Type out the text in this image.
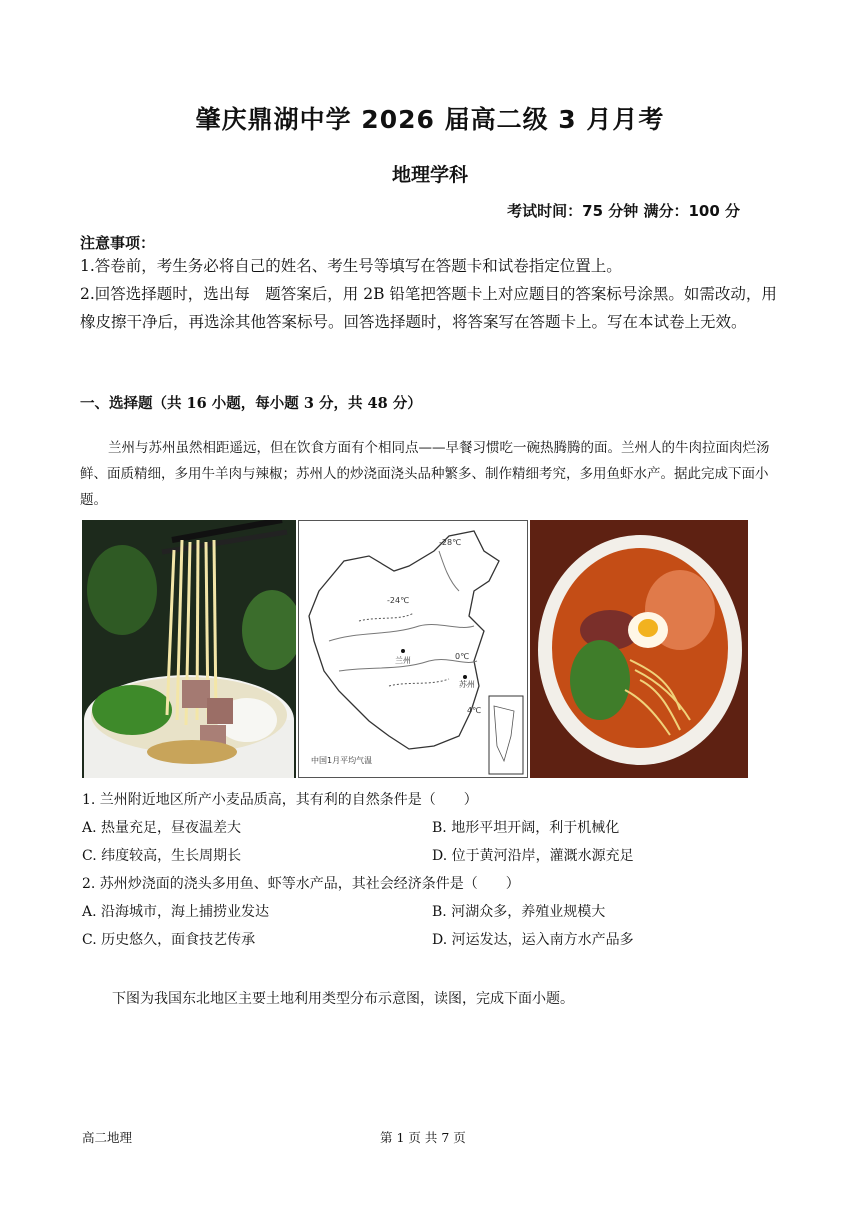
肇庆鼎湖中学 2026 届高二级 3 月月考
地理学科
考试时间：75 分钟 满分：100 分
注意事项：
1.答卷前，考生务必将自己的姓名、考生号等填写在答题卡和试卷指定位置上。
2.回答选择题时，选出每　题答案后，用 2B 铅笔把答题卡上对应题目的答案标号涂黑。如需改动，用橡皮擦干净后，再选涂其他答案标号。回答选择题时，将答案写在答题卡上。写在本试卷上无效。
一、选择题（共 16 小题，每小题 3 分，共 48 分）
兰州与苏州虽然相距遥远，但在饮食方面有个相同点——早餐习惯吃一碗热腾腾的面。兰州人的牛肉拉面肉烂汤鲜、面质精细，多用牛羊肉与辣椒；苏州人的炒浇面浇头品种繁多、制作精细考究，多用鱼虾水产。据此完成下面小题。
-28℃
-24℃
兰州	0℃
苏州
4℃
中国1月平均气温
1. 兰州附近地区所产小麦品质高，其有利的自然条件是（　　）
A. 热量充足，昼夜温差大	B. 地形平坦开阔，利于机械化
C. 纬度较高，生长周期长	D. 位于黄河沿岸，灌溉水源充足
2. 苏州炒浇面的浇头多用鱼、虾等水产品，其社会经济条件是（　　）
A. 沿海城市，海上捕捞业发达	B. 河湖众多，养殖业规模大
C. 历史悠久，面食技艺传承	D. 河运发达，运入南方水产品多
下图为我国东北地区主要土地利用类型分布示意图，读图，完成下面小题。
高二地理	第 1 页 共 7 页
